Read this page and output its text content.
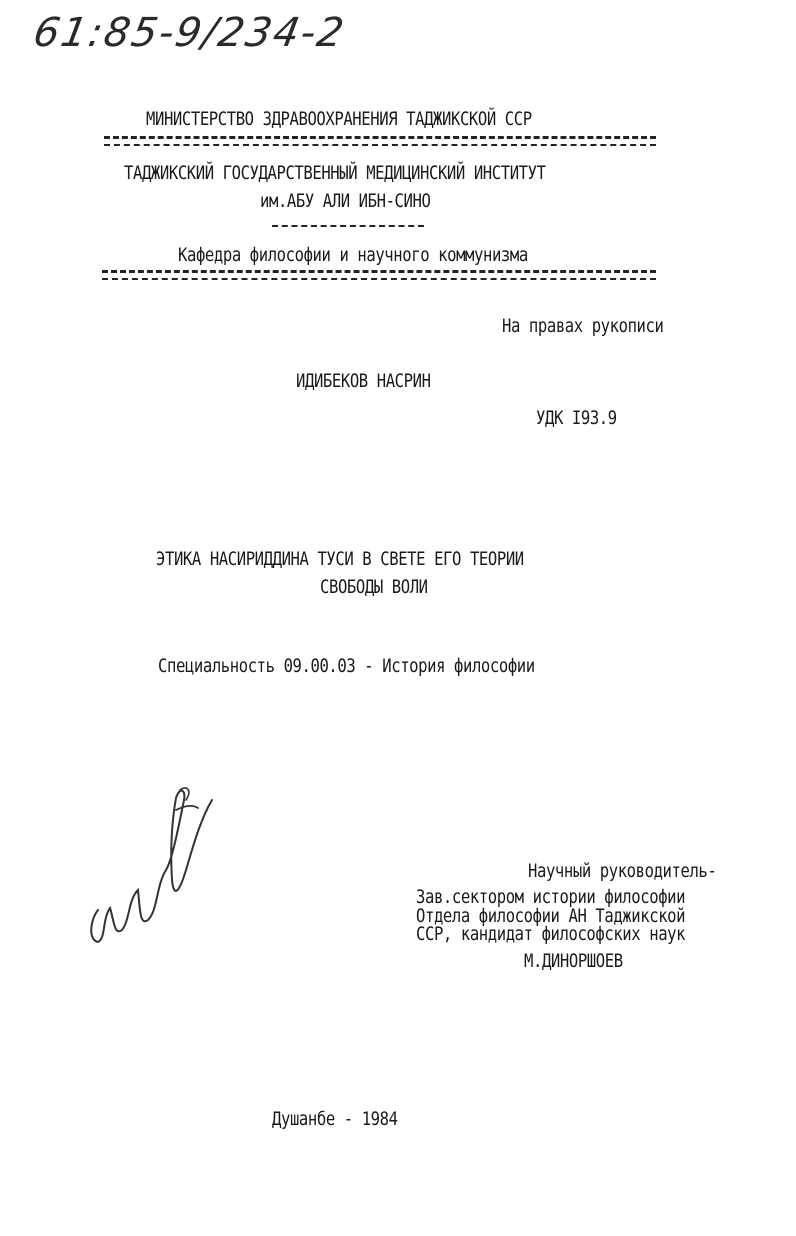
61:85-9/234-2
МИНИСТЕРСТВО ЗДРАВООХРАНЕНИЯ ТАДЖИКСКОЙ ССР
ТАДЖИКСКИЙ ГОСУДАРСТВЕННЫЙ МЕДИЦИНСКИЙ ИНСТИТУТ
им.АБУ АЛИ ИБН-СИНО
Кафедра философии и научного коммунизма
На правах рукописи
ИДИБЕКОВ НАСРИН
УДК I93.9
ЭТИКА НАСИРИДДИНА ТУСИ В СВЕТЕ ЕГО ТЕОРИИ
СВОБОДЫ ВОЛИ
Специальность 09.00.03 - История философии
Научный руководитель-
Зав.сектором истории философии
Отдела философии АН Таджикской
ССР, кандидат философских наук
М.ДИНОРШОЕВ
Душанбе - 1984
